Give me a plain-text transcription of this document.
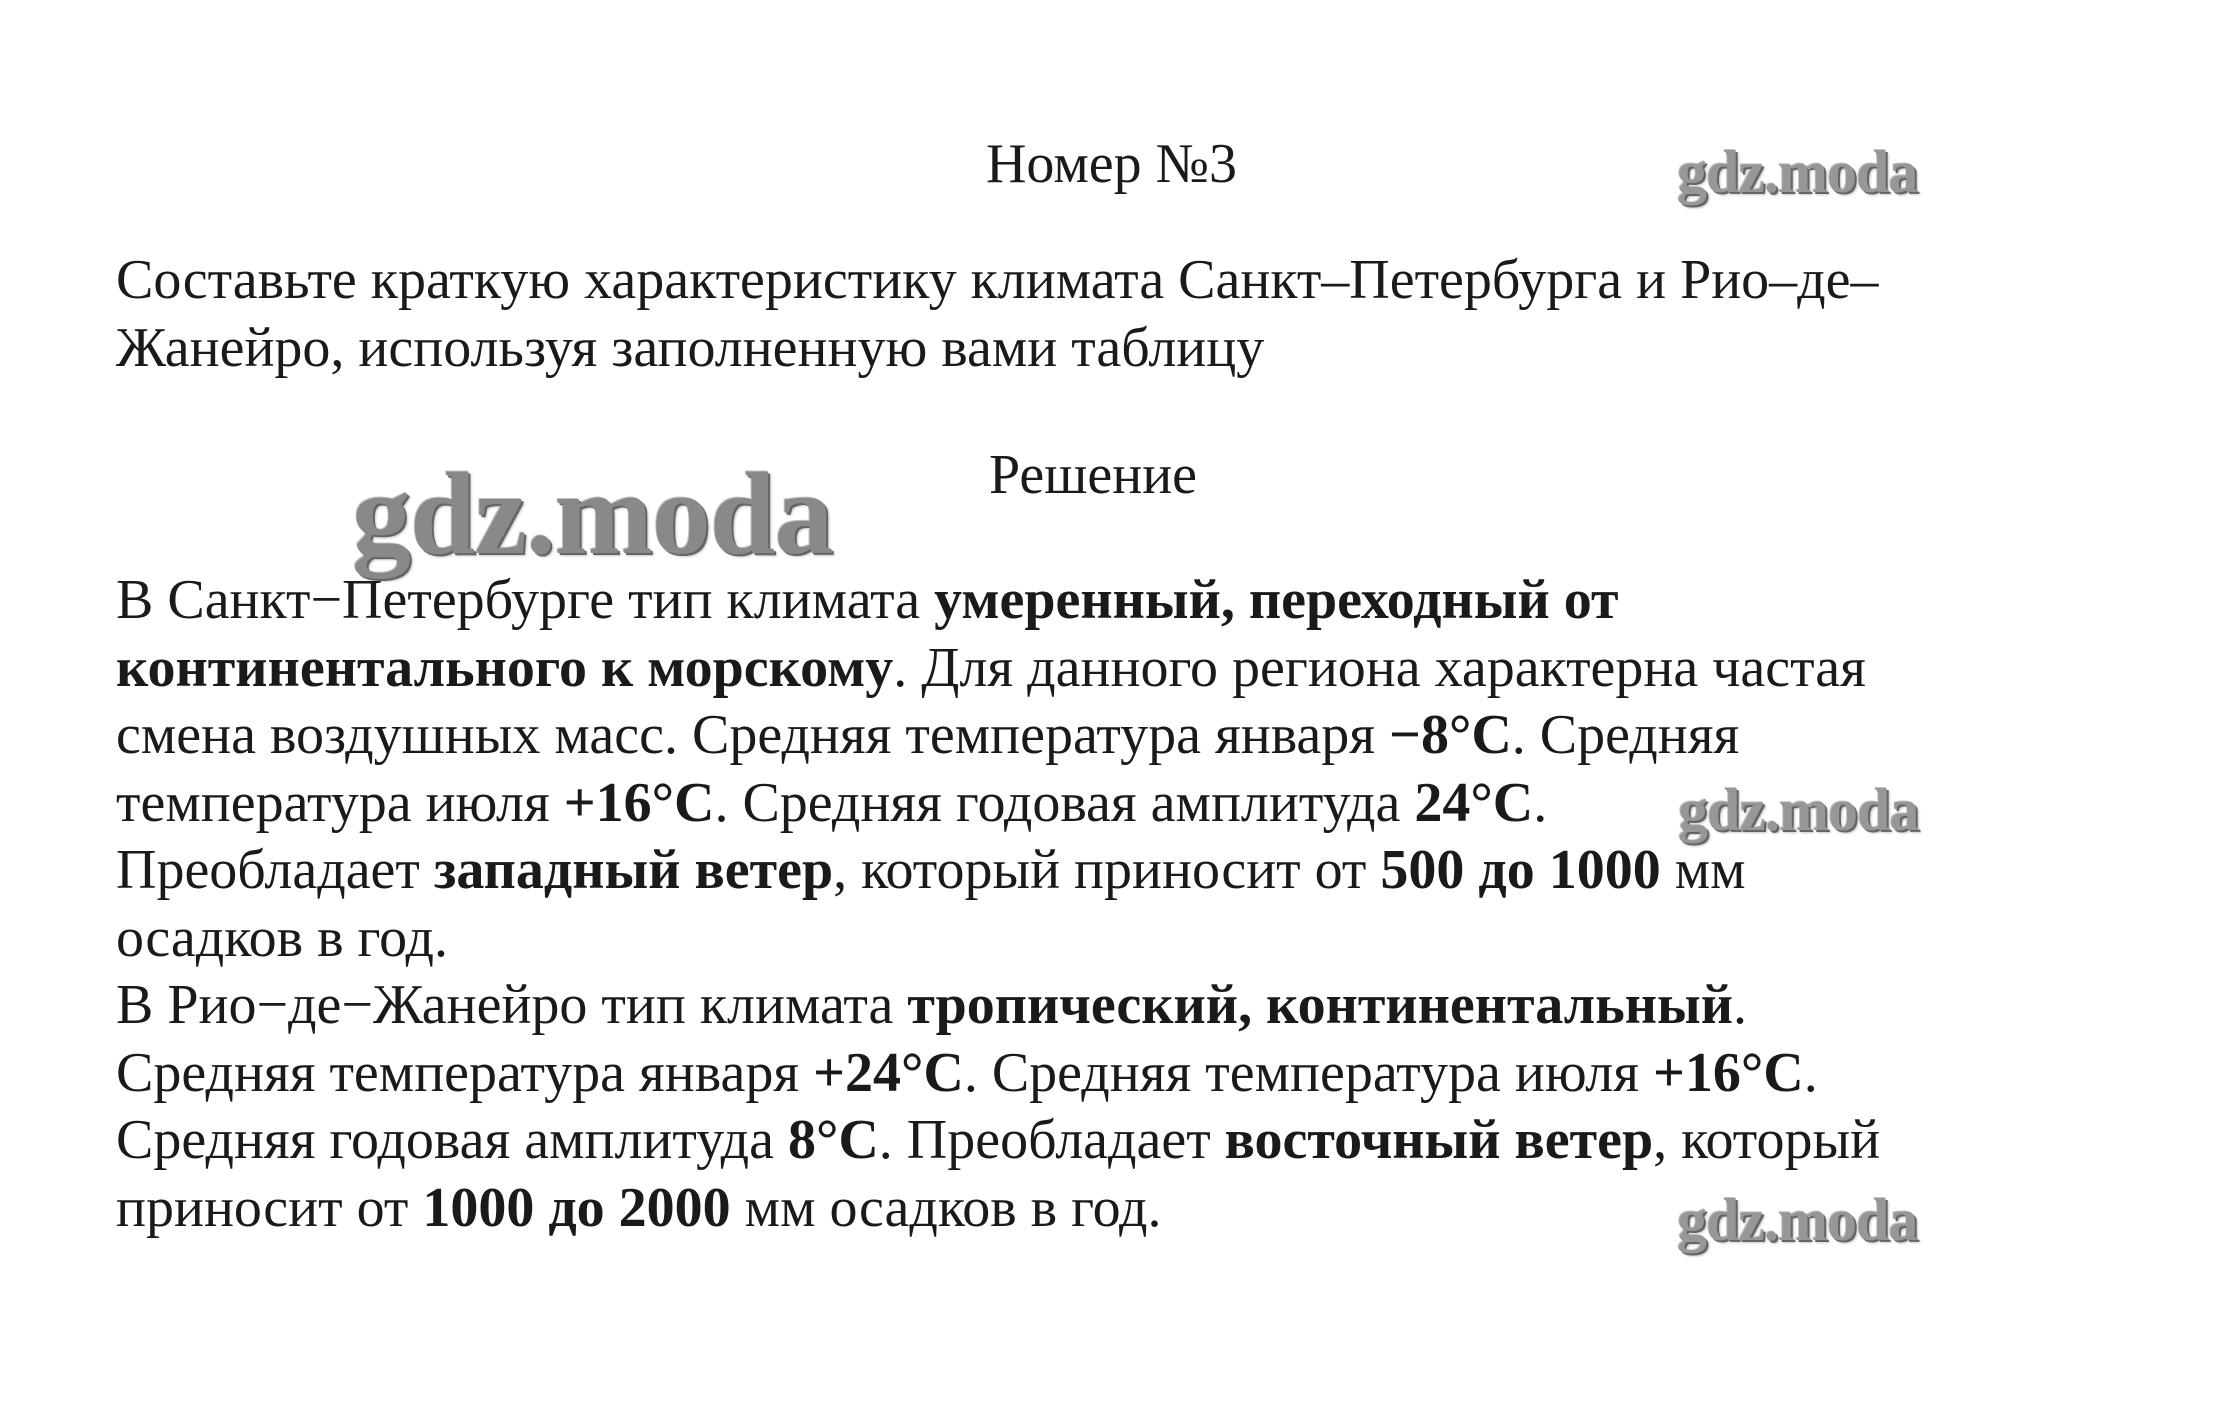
Номер №3
Составьте краткую характеристику климата Санкт–Петербурга и Рио–де–
Жанейро, используя заполненную вами таблицу
Решение
В Санкт−Петербурге тип климата умеренный, переходный от
континентального к морскому. Для данного региона характерна частая
смена воздушных масс. Средняя температура января −8°С. Средняя
температура июля +16°С. Средняя годовая амплитуда 24°С.
Преобладает западный ветер, который приносит от 500 до 1000 мм
осадков в год.
В Рио−де−Жанейро тип климата тропический, континентальный.
Средняя температура января +24°С. Средняя температура июля +16°С.
Средняя годовая амплитуда 8°С. Преобладает восточный ветер, который
приносит от 1000 до 2000 мм осадков в год.
gdz.moda
gdz.moda
gdz.moda
gdz.moda
